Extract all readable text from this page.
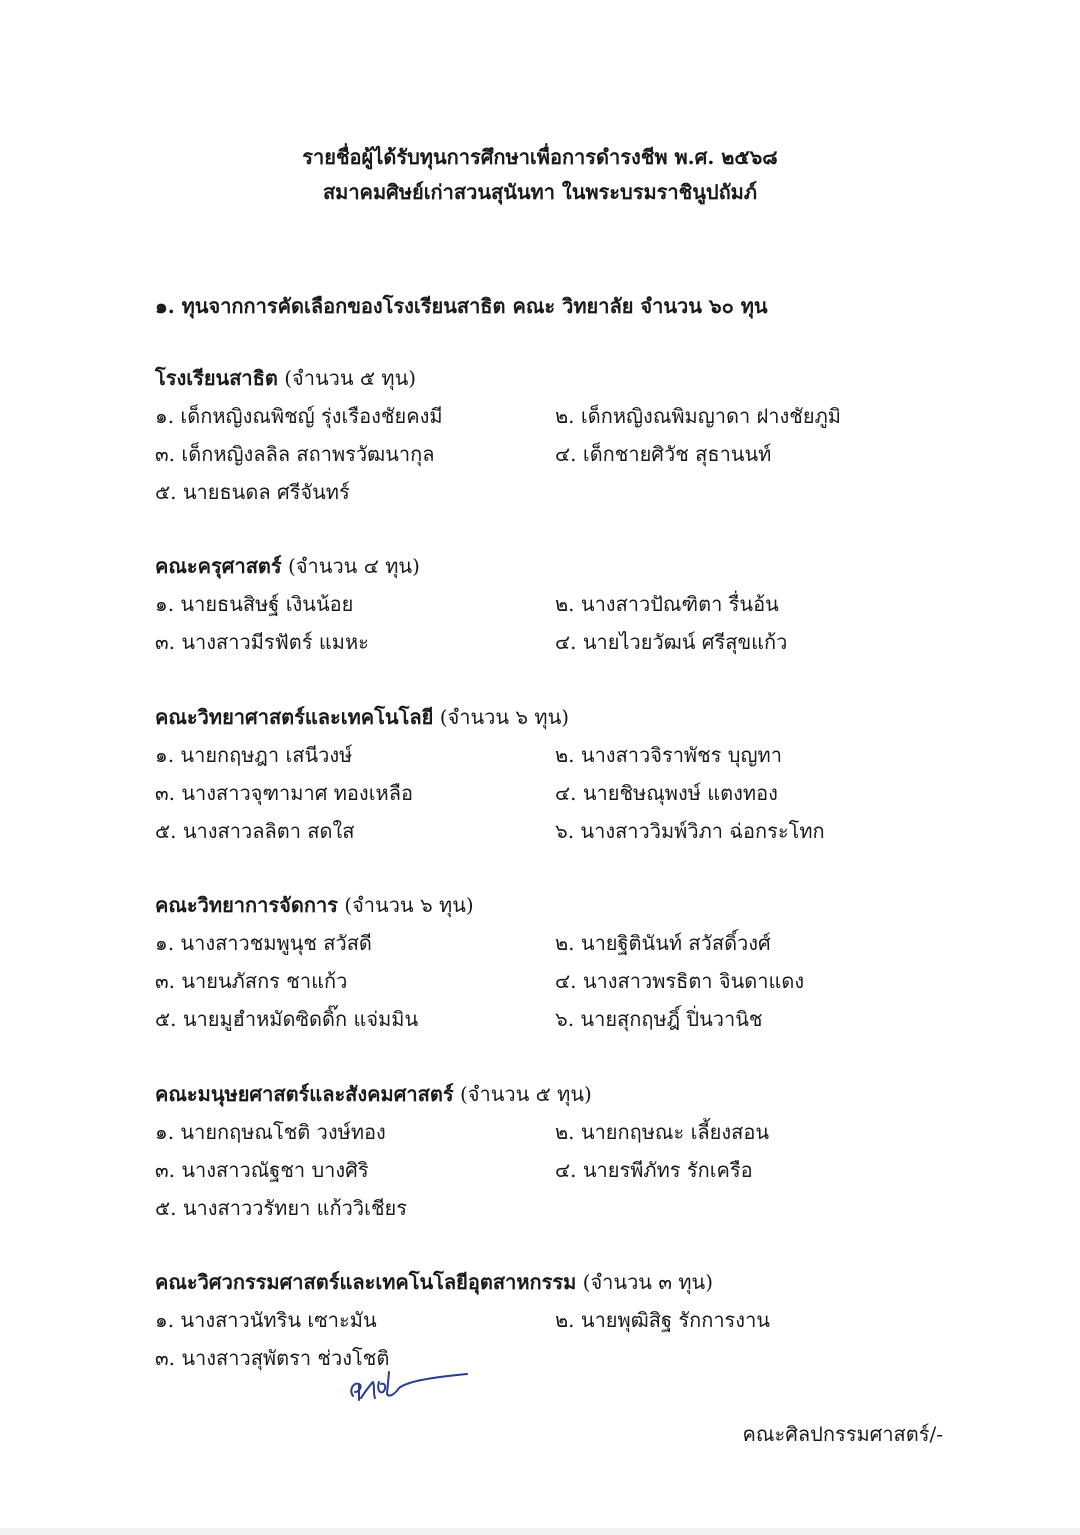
รายชื่อผู้ได้รับทุนการศึกษาเพื่อการดำรงชีพ พ.ศ. ๒๕๖๘
สมาคมศิษย์เก่าสวนสุนันทา ในพระบรมราชินูปถัมภ์
๑. ทุนจากการคัดเลือกของโรงเรียนสาธิต คณะ วิทยาลัย จำนวน ๖๐ ทุน
โรงเรียนสาธิต (จำนวน ๕ ทุน)
๑. เด็กหญิงณพิชญ์ รุ่งเรืองชัยคงมี	๒. เด็กหญิงณพิมญาดา ฝางชัยภูมิ
๓. เด็กหญิงลลิล สถาพรวัฒนากุล	๔. เด็กชายศิวัช สุธานนท์
๕. นายธนดล ศรีจันทร์
คณะครุศาสตร์ (จำนวน ๔ ทุน)
๑. นายธนสิษฐ์ เงินน้อย	๒. นางสาวปัณฑิตา รื่นอ้น
๓. นางสาวมีรฟัตร์ แมหะ	๔. นายไวยวัฒน์ ศรีสุขแก้ว
คณะวิทยาศาสตร์และเทคโนโลยี (จำนวน ๖ ทุน)
๑. นายกฤษฎา เสนีวงษ์	๒. นางสาวจิราพัชร บุญทา
๓. นางสาวจุฑามาศ ทองเหลือ	๔. นายชิษณุพงษ์ แตงทอง
๕. นางสาวลลิตา สดใส	๖. นางสาววิมพ์วิภา ฉ่อกระโทก
คณะวิทยาการจัดการ (จำนวน ๖ ทุน)
๑. นางสาวชมพูนุช สวัสดี	๒. นายฐิตินันท์ สวัสดิ์วงศ์
๓. นายนภัสกร ชาแก้ว	๔. นางสาวพรธิตา จินดาแดง
๕. นายมูฮำหมัดซิดดิ๊ก แจ่มมิน	๖. นายสุกฤษฎิ์ ปิ่นวานิช
คณะมนุษยศาสตร์และสังคมศาสตร์ (จำนวน ๕ ทุน)
๑. นายกฤษณโชติ วงษ์ทอง	๒. นายกฤษณะ เลี้ยงสอน
๓. นางสาวณัฐชา บางศิริ	๔. นายรพีภัทร รักเครือ
๕. นางสาววรัทยา แก้ววิเชียร
คณะวิศวกรรมศาสตร์และเทคโนโลยีอุตสาหกรรม (จำนวน ๓ ทุน)
๑. นางสาวนัทริน เซาะมัน	๒. นายพุฒิสิฐ รักการงาน
๓. นางสาวสุพัตรา ช่วงโชติ
คณะศิลปกรรมศาสตร์/-
